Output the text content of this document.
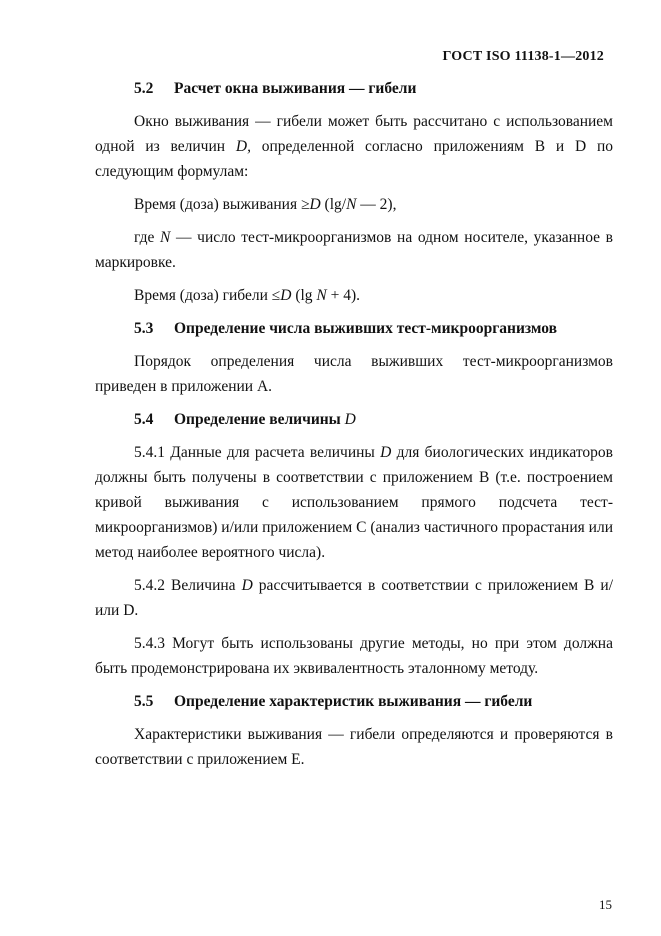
ГОСТ ISO 11138-1—2012
5.2 Расчет окна выживания — гибели

Окно выживания — гибели может быть рассчитано с использованием одной из величин D, определенной согласно приложениям B и D по следующим формулам:

Время (доза) выживания ≥D (lg/N — 2),

где N — число тест-микроорганизмов на одном носителе, указанное в маркировке.

Время (доза) гибели ≤D (lg N + 4).

5.3 Определение числа выживших тест-микроорганизмов

Порядок определения числа выживших тест-микроорганизмов приведен в приложении А.

5.4 Определение величины D

5.4.1 Данные для расчета величины D для биологических индикаторов должны быть получены в соответствии с приложением B (т.е. построением кривой выживания с использованием прямого подсчета тест-микроорганизмов) и/или приложением С (анализ частичного прорастания или метод наиболее вероятного числа).

5.4.2 Величина D рассчитывается в соответствии с приложением B и/или D.

5.4.3 Могут быть использованы другие методы, но при этом должна быть продемонстрирована их эквивалентность эталонному методу.

5.5 Определение характеристик выживания — гибели

Характеристики выживания — гибели определяются и проверяются в соответствии с приложением Е.

15
